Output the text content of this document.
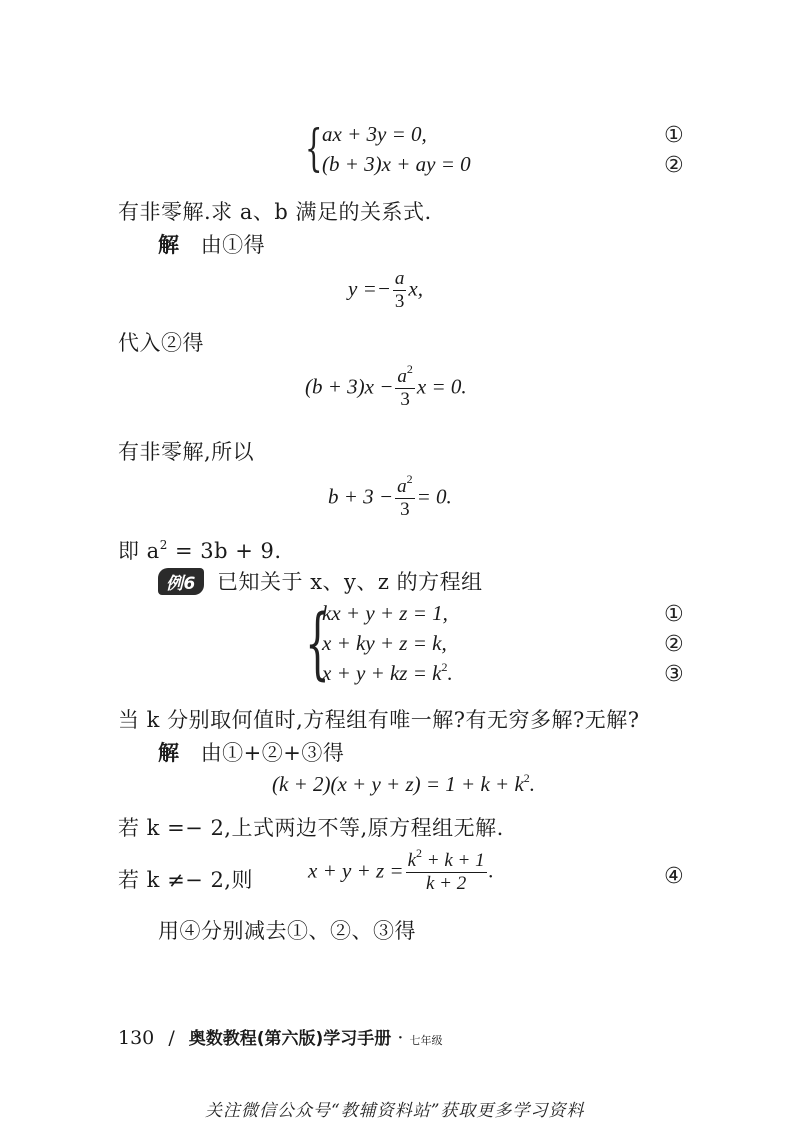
{ ax + 3y = 0,
(b + 3)x + ay = 0
①
②
有非零解.求 a、b 满足的关系式.
解 由①得
$y =- \frac{a}{3} x$,
代入②得
$(b + 3)x - \frac{a^2}{3}$ x = 0.
有非零解,所以
$b + 3 - \frac{a^2}{3} = 0$.
即 $a^2 = 3b + 9$.
例6 已知关于 x、y、z 的方程组
{
kx + y + z = 1,
x + ky + z = k,
x + y + kz = $k^2$.
①
②
③
当 k 分别取何值时,方程组有唯一解?有无穷多解?无解?
解 由①+②+③得
$(k + 2)(x + y + z) = 1 + k + k^2$.
若 k =− 2,上式两边不等,原方程组无解.
若 k ≠− 2,则	$x + y + z = \frac{k^2 + k + 1}{k + 2}$ .	④
用④分别减去①、②、③得
130 / 奥数教程(第六版)学习手册 · 七年级
关注微信公众号“教辅资料站”获取更多学习资料
